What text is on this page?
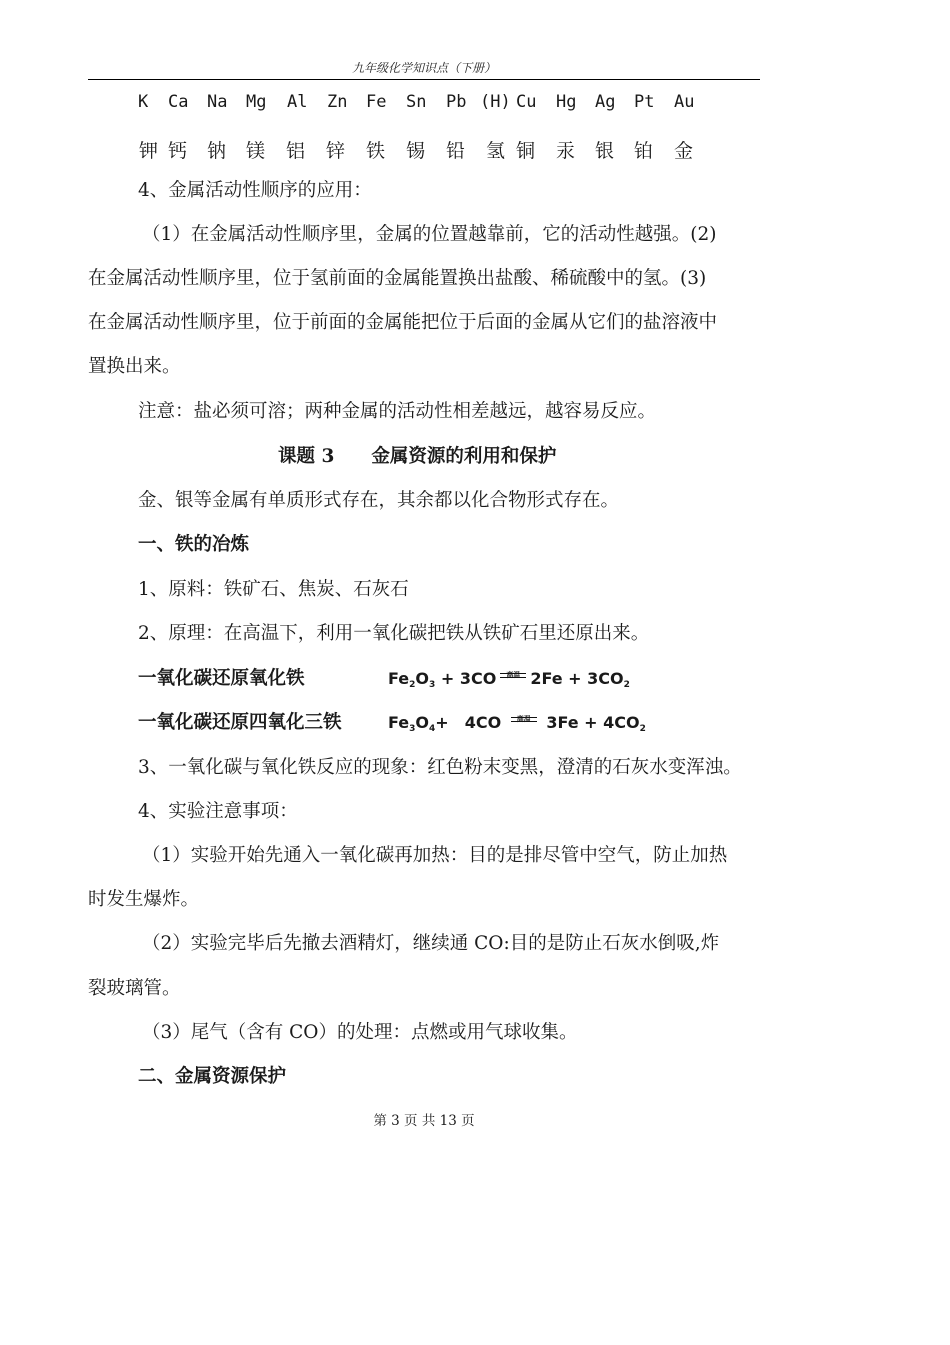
九年级化学知识点（下册）
K Ca Na Mg Al Zn Fe Sn Pb (H) Cu Hg Ag Pt Au
钾 钙 钠 镁 铝 锌 铁 锡 铅 氢 铜 汞 银 铂 金
4、金属活动性顺序的应用：
（1）在金属活动性顺序里，金属的位置越靠前，它的活动性越强。(2)
在金属活动性顺序里，位于氢前面的金属能置换出盐酸、稀硫酸中的氢。(3)
在金属活动性顺序里，位于前面的金属能把位于后面的金属从它们的盐溶液中
置换出来。
注意：盐必须可溶；两种金属的活动性相差越远，越容易反应。
课题 3　　金属资源的利用和保护
金、银等金属有单质形式存在，其余都以化合物形式存在。
一、铁的冶炼
1、原料：铁矿石、焦炭、石灰石
2、原理：在高温下，利用一氧化碳把铁从铁矿石里还原出来。
一氧化碳还原氧化铁	$Fe_2O_3 + 3CO$	高温 $2Fe + 3CO_2$
一氧化碳还原四氧化三铁	$Fe_3O_4+$　4CO	高温 $3Fe + 4CO_2$
3、一氧化碳与氧化铁反应的现象：红色粉末变黑，澄清的石灰水变浑浊。
4、实验注意事项：
（1）实验开始先通入一氧化碳再加热：目的是排尽管中空气，防止加热
时发生爆炸。
（2）实验完毕后先撤去酒精灯，继续通 CO:目的是防止石灰水倒吸,炸
裂玻璃管。
（3）尾气（含有 CO）的处理：点燃或用气球收集。
二、金属资源保护
第 3 页 共 13 页
